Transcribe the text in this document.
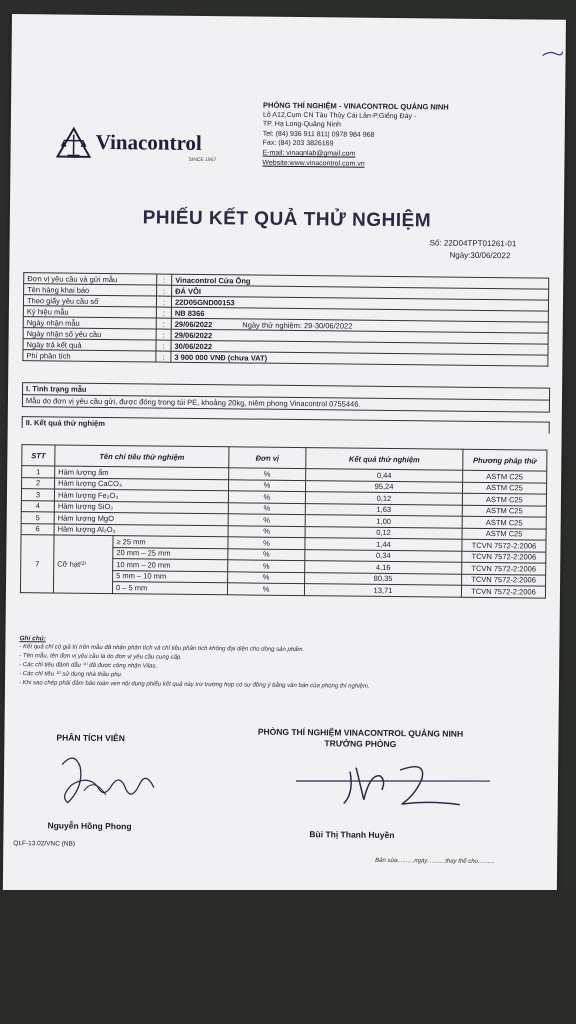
PHÒNG THÍ NGHIỆM - VINACONTROL QUẢNG NINH
Lô A12,Cụm CN Tàu Thủy Cái Lân-P.Giếng Đáy -
TP. Hạ Long-Quảng Ninh
Tel: (84) 936 911 811| 0978 984 968
Fax: (84) 203 3826169
E-mail: vinaqnlab@gmail.com
Website:www.vinacontrol.com.vn
Vinacontrol
SINCE 1957
PHIẾU KẾT QUẢ THỬ NGHIỆM
Số: 22D04TPT01261-01
Ngày:30/06/2022
Đơn vị yêu cầu và gửi mẫu	:	Vinacontrol Cửa Ông
Tên hàng khai báo	:	ĐÁ VÔI
Theo giấy yêu cầu số	:	22D05GND00153
Ký hiệu mẫu	:	NB 8366
Ngày nhận mẫu	:	29/06/2022 Ngày thử nghiệm: 29-30/06/2022
Ngày nhận số yêu cầu	:	29/06/2022
Ngày trả kết quả	:	30/06/2022
Phí phân tích	:	3 900 000 VNĐ (chưa VAT)
I. Tình trạng mẫu
Mẫu do đơn vị yêu cầu gửi, được đóng trong túi PE, khoảng 20kg, niêm phong Vinacontrol 0755446.
II. Kết quả thử nghiệm
STT	Tên chỉ tiêu thử nghiệm		Đơn vị	Kết quả thử nghiệm	Phương pháp thử
1	Hàm lượng ẩm		%	0,44	ASTM C25
2	Hàm lượng CaCO₃		%	95,24	ASTM C25
3	Hàm lượng Fe₂O₃		%	0,12	ASTM C25
4	Hàm lượng SiO₂		%	1,63	ASTM C25
5	Hàm lượng MgO		%	1,00	ASTM C25
6	Hàm lượng Al₂O₃		%	0,12	ASTM C25
7	Cỡ hạt⁽²⁾	≥ 25 mm	%	1,44	TCVN 7572-2:2006
		20 mm – 25 mm	%	0,34	TCVN 7572-2:2006
		10 mm – 20 mm	%	4,16	TCVN 7572-2:2006
		5 mm – 10 mm	%	80,35	TCVN 7572-2:2006
		0 – 5 mm	%	13,71	TCVN 7572-2:2006
Ghi chú:
- Kết quả chỉ có giá trị trên mẫu đã nhận phân tích và chỉ tiêu phân tích không đại diện cho dòng sản phẩm.
- Tên mẫu, tên đơn vị yêu cầu là do đơn vị yêu cầu cung cấp.
- Các chỉ tiêu đánh dấu ⁽¹⁾ đã được công nhận Vilas.
- Các chỉ tiêu ⁽²⁾ sử dụng nhà thầu phụ.
- Khi sao chép phải đảm bảo toàn vẹn nội dung phiếu kết quả này trừ trường hợp có sự đồng ý bằng văn bản của phòng thí nghiệm.
PHÂN TÍCH VIÊN	PHÒNG THÍ NGHIỆM VINACONTROL QUẢNG NINH
TRƯỞNG PHÒNG
Nguyễn Hồng Phong
Bùi Thị Thanh Huyền
QLF-13.02/VNC (NB)
Bản sửa..........ngày...........thay thế cho..........
